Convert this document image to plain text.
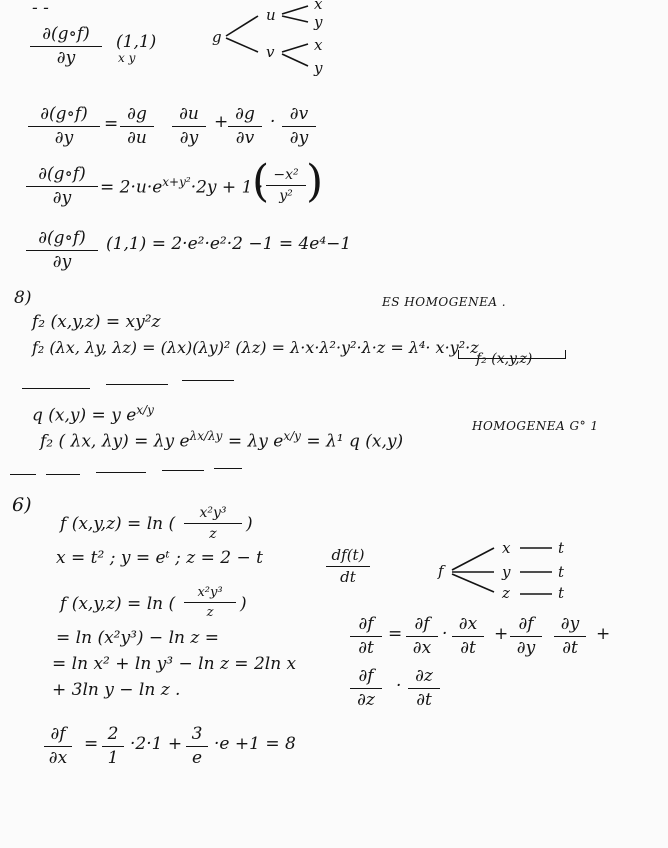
- -
$\frac{\partial(g\circ f)}{\partial y} (1,1)$
x y
g
u
v
x
y
x
y
$\frac{\partial(g\circ f)}{\partial y} = \frac{\partial g}{\partial u} \frac{\partial u}{\partial y} + \frac{\partial g}{\partial v} \cdot \frac{\partial v}{\partial y}$
$\frac{\partial(g\circ f)}{\partial y} = 2\cdot u\cdot e^{x+y^2}\cdot 2y + 1$ ·
(
$\frac{\text{−x²}}{\text{y²}}$ )
$\frac{\partial(g\circ f)}{\partial y} (1,1) = 2\cdot e^2\cdot e^2\cdot 2 -1 = 4e^4-1$
8)	ES HOMOGENEA .
f₂ (x,y,z) = xy²z
f₂ (λx, λy, λz) = (λx)(λy)² (λz) = λ·x·λ²·y²·λ·z = λ⁴· x·y²·z
f₂ (x,y,z)
q (x,y) = y $e^{x/y}$
f₂ ( λx, λy) = λy $e^{\lambda x/\lambda y} = \lambda y$ $e^{x/y} = \lambda^1$ q (x,y)
HOMOGENEA G° 1
6)
f (x,y,z) = ln ( $\frac{\text{x²y³}}{z}$ )
x = t² ; y = eᵗ ; z = 2 − t
f (x,y,z) = ln ( $\frac{\text{x²y³}}{z}$ )
= ln (x²y³) − ln z =
= ln x² + ln y³ − ln z = 2ln x
+ 3ln y − ln z .
$\frac{\partial f}{\partial x} = \frac{2}{1} \cdot 2\cdot 1 + \frac{3}{e} \cdot e +1 = 8$
$\frac{df(t)}{dt}$	f
x
y
z
t
t
t
$\frac{\partial f}{\partial t} = \frac{\partial f}{\partial x} \cdot \frac{\partial x}{\partial t} + \frac{\partial f}{\partial y} \frac{\partial y}{\partial t}$ +
$\frac{\partial f}{\partial z} \cdot \frac{\partial z}{\partial t}$
